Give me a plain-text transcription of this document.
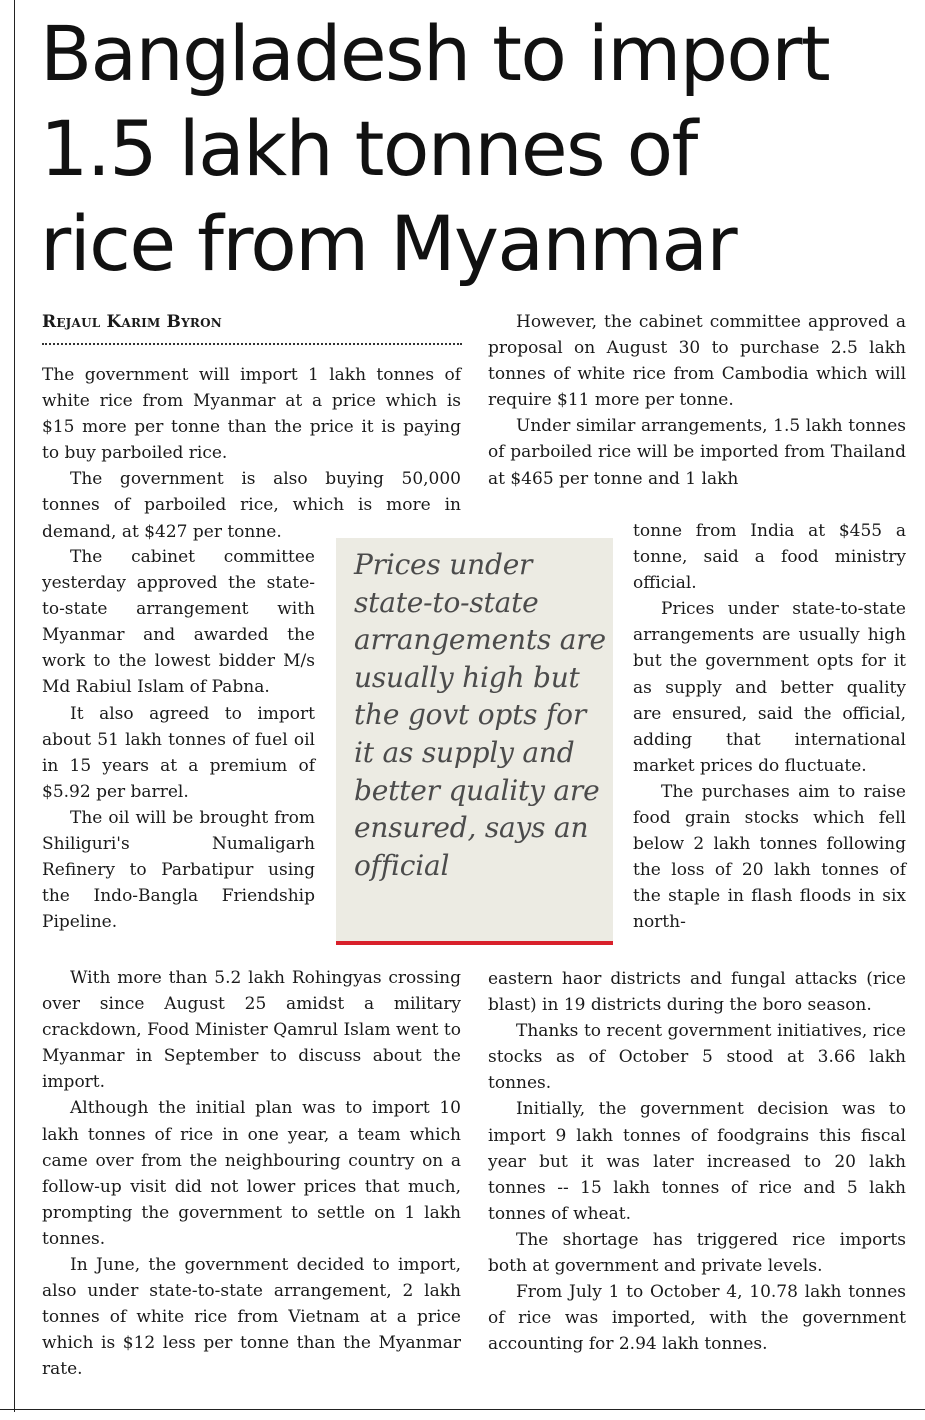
Bangladesh to import
1.5 lakh tonnes of
rice from Myanmar
Rejaul Karim Byron

The government will import 1 lakh tonnes of white rice from Myanmar at a price which is $15 more per tonne than the price it is paying to buy parboiled rice.

The government is also buying 50,000 tonnes of parboiled rice, which is more in demand, at $427 per tonne.

The cabinet committee yesterday approved the state-to-state arrangement with Myanmar and awarded the work to the lowest bidder M/s Md Rabiul Islam of Pabna.

It also agreed to import about 51 lakh tonnes of fuel oil in 15 years at a premium of $5.92 per barrel.

The oil will be brought from Shiliguri's Numaligarh Refinery to Parbatipur using the Indo-Bangla Friendship Pipeline.

With more than 5.2 lakh Rohingyas crossing over since August 25 amidst a military crackdown, Food Minister Qamrul Islam went to Myanmar in September to discuss about the import.

Although the initial plan was to import 10 lakh tonnes of rice in one year, a team which came over from the neighbouring country on a follow-up visit did not lower prices that much, prompting the government to settle on 1 lakh tonnes.

In June, the government decided to import, also under state-to-state arrangement, 2 lakh tonnes of white rice from Vietnam at a price which is $12 less per tonne than the Myanmar rate.

Prices under state-to-state arrangements are usually high but the govt opts for it as supply and better quality are ensured, says an official

However, the cabinet committee approved a proposal on August 30 to purchase 2.5 lakh tonnes of white rice from Cambodia which will require $11 more per tonne.

Under similar arrangements, 1.5 lakh tonnes of parboiled rice will be imported from Thailand at $465 per tonne and 1 lakh

tonne from India at $455 a tonne, said a food ministry official.

Prices under state-to-state arrangements are usually high but the government opts for it as supply and better quality are ensured, said the official, adding that international market prices do fluctuate.

The purchases aim to raise food grain stocks which fell below 2 lakh tonnes following the loss of 20 lakh tonnes of the staple in flash floods in six north-

eastern haor districts and fungal attacks (rice blast) in 19 districts during the boro season.

Thanks to recent government initiatives, rice stocks as of October 5 stood at 3.66 lakh tonnes.

Initially, the government decision was to import 9 lakh tonnes of foodgrains this fiscal year but it was later increased to 20 lakh tonnes -- 15 lakh tonnes of rice and 5 lakh tonnes of wheat.

The shortage has triggered rice imports both at government and private levels.

From July 1 to October 4, 10.78 lakh tonnes of rice was imported, with the government accounting for 2.94 lakh tonnes.
